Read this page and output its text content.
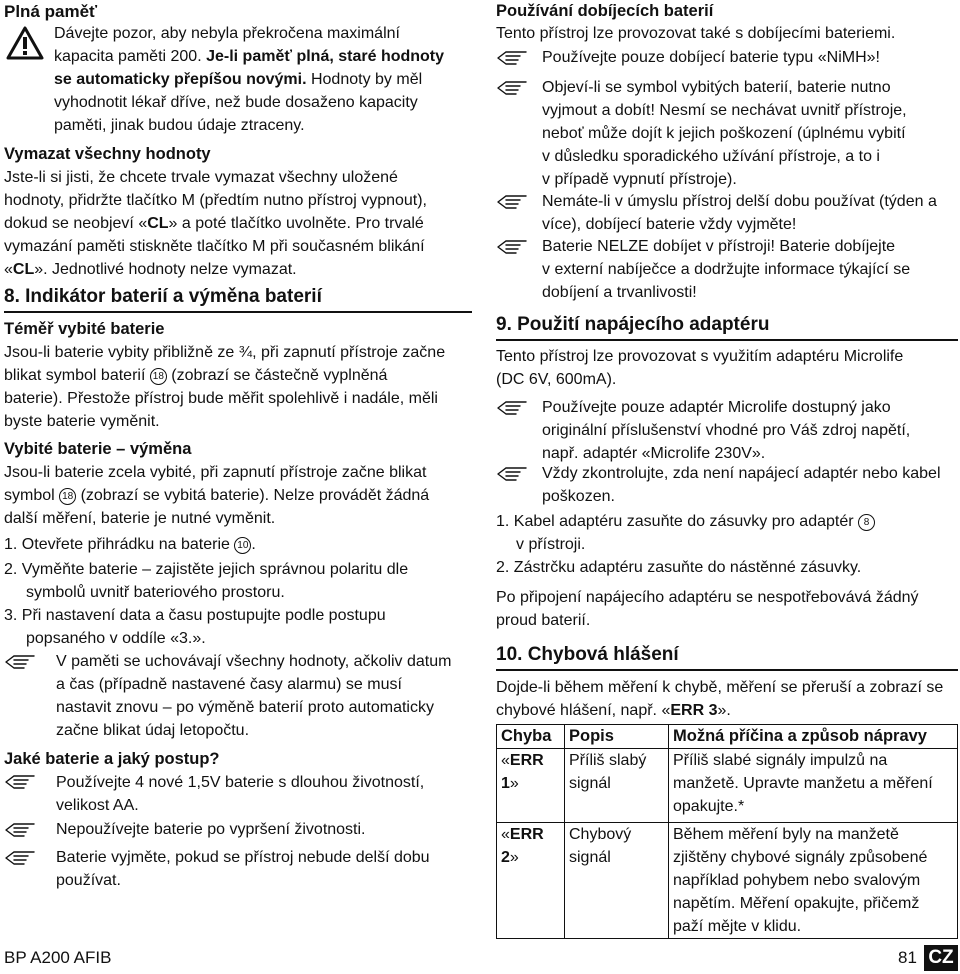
Plná paměť
Dávejte pozor, aby nebyla překročena maximální
kapacita paměti 200. Je-li paměť plná, staré hodnoty
se automaticky přepíšou novými. Hodnoty by měl
vyhodnotit lékař dříve, než bude dosaženo kapacity
paměti, jinak budou údaje ztraceny.
Vymazat všechny hodnoty
Jste-li si jisti, že chcete trvale vymazat všechny uložené
hodnoty, přidržte tlačítko M (předtím nutno přístroj vypnout),
dokud se neobjeví «CL» a poté tlačítko uvolněte. Pro trvalé
vymazání paměti stiskněte tlačítko M při současném blikání
«CL». Jednotlivé hodnoty nelze vymazat.
8. Indikátor baterií a výměna baterií
Téměř vybité baterie
Jsou-li baterie vybity přibližně ze ¾, při zapnutí přístroje začne
blikat symbol baterií 18 (zobrazí se částečně vyplněná
baterie). Přestože přístroj bude měřit spolehlivě i nadále, měli
byste baterie vyměnit.
Vybité baterie – výměna
Jsou-li baterie zcela vybité, při zapnutí přístroje začne blikat
symbol 18 (zobrazí se vybitá baterie). Nelze provádět žádná
další měření, baterie je nutné vyměnit.
1. Otevřete přihrádku na baterie 10 .
2. Vyměňte baterie – zajistěte jejich správnou polaritu dle
symbolů uvnitř bateriového prostoru.
3. Při nastavení data a času postupujte podle postupu
popsaného v oddíle «3.».
V paměti se uchovávají všechny hodnoty, ačkoliv datum
a čas (případně nastavené časy alarmu) se musí
nastavit znovu – po výměně baterií proto automaticky
začne blikat údaj letopočtu.
Jaké baterie a jaký postup?
Používejte 4 nové 1,5V baterie s dlouhou životností,
velikost AA.
Nepoužívejte baterie po vypršení životnosti.
Baterie vyjměte, pokud se přístroj nebude delší dobu
používat.
Používání dobíjecích baterií
Tento přístroj lze provozovat také s dobíjecími bateriemi.
Používejte pouze dobíjecí baterie typu «NiMH»!
Objeví-li se symbol vybitých baterií, baterie nutno
vyjmout a dobít! Nesmí se nechávat uvnitř přístroje,
neboť může dojít k jejich poškození (úplnému vybití
v důsledku sporadického užívání přístroje, a to i
v případě vypnutí přístroje).
Nemáte-li v úmyslu přístroj delší dobu používat (týden a
více), dobíjecí baterie vždy vyjměte!
Baterie NELZE dobíjet v přístroji! Baterie dobíjejte
v externí nabíječce a dodržujte informace týkající se
dobíjení a trvanlivosti!
9. Použití napájecího adaptéru
Tento přístroj lze provozovat s využitím adaptéru Microlife
(DC 6V, 600mA).
Používejte pouze adaptér Microlife dostupný jako
originální příslušenství vhodné pro Váš zdroj napětí,
např. adaptér «Microlife 230V».
Vždy zkontrolujte, zda není napájecí adaptér nebo kabel
poškozen.
1. Kabel adaptéru zasuňte do zásuvky pro adaptér 8
v přístroji.
2. Zástrčku adaptéru zasuňte do nástěnné zásuvky.
Po připojení napájecího adaptéru se nespotřebovává žádný
proud baterií.
10. Chybová hlášení
Dojde-li během měření k chybě, měření se přeruší a zobrazí se
chybové hlášení, např. «ERR 3».
Chyba	Popis	Možná příčina a způsob nápravy
«ERR 1»	Příliš slabý
signál	Příliš slabé signály impulzů na
manžetě. Upravte manžetu a měření
opakujte.*

«ERR 2»	Chybový
signál	Během měření byly na manžetě
zjištěny chybové signály způsobené
například pohybem nebo svalovým
napětím. Měření opakujte, přičemž
paží mějte v klidu.
BP A200 AFIB	81 CZ
